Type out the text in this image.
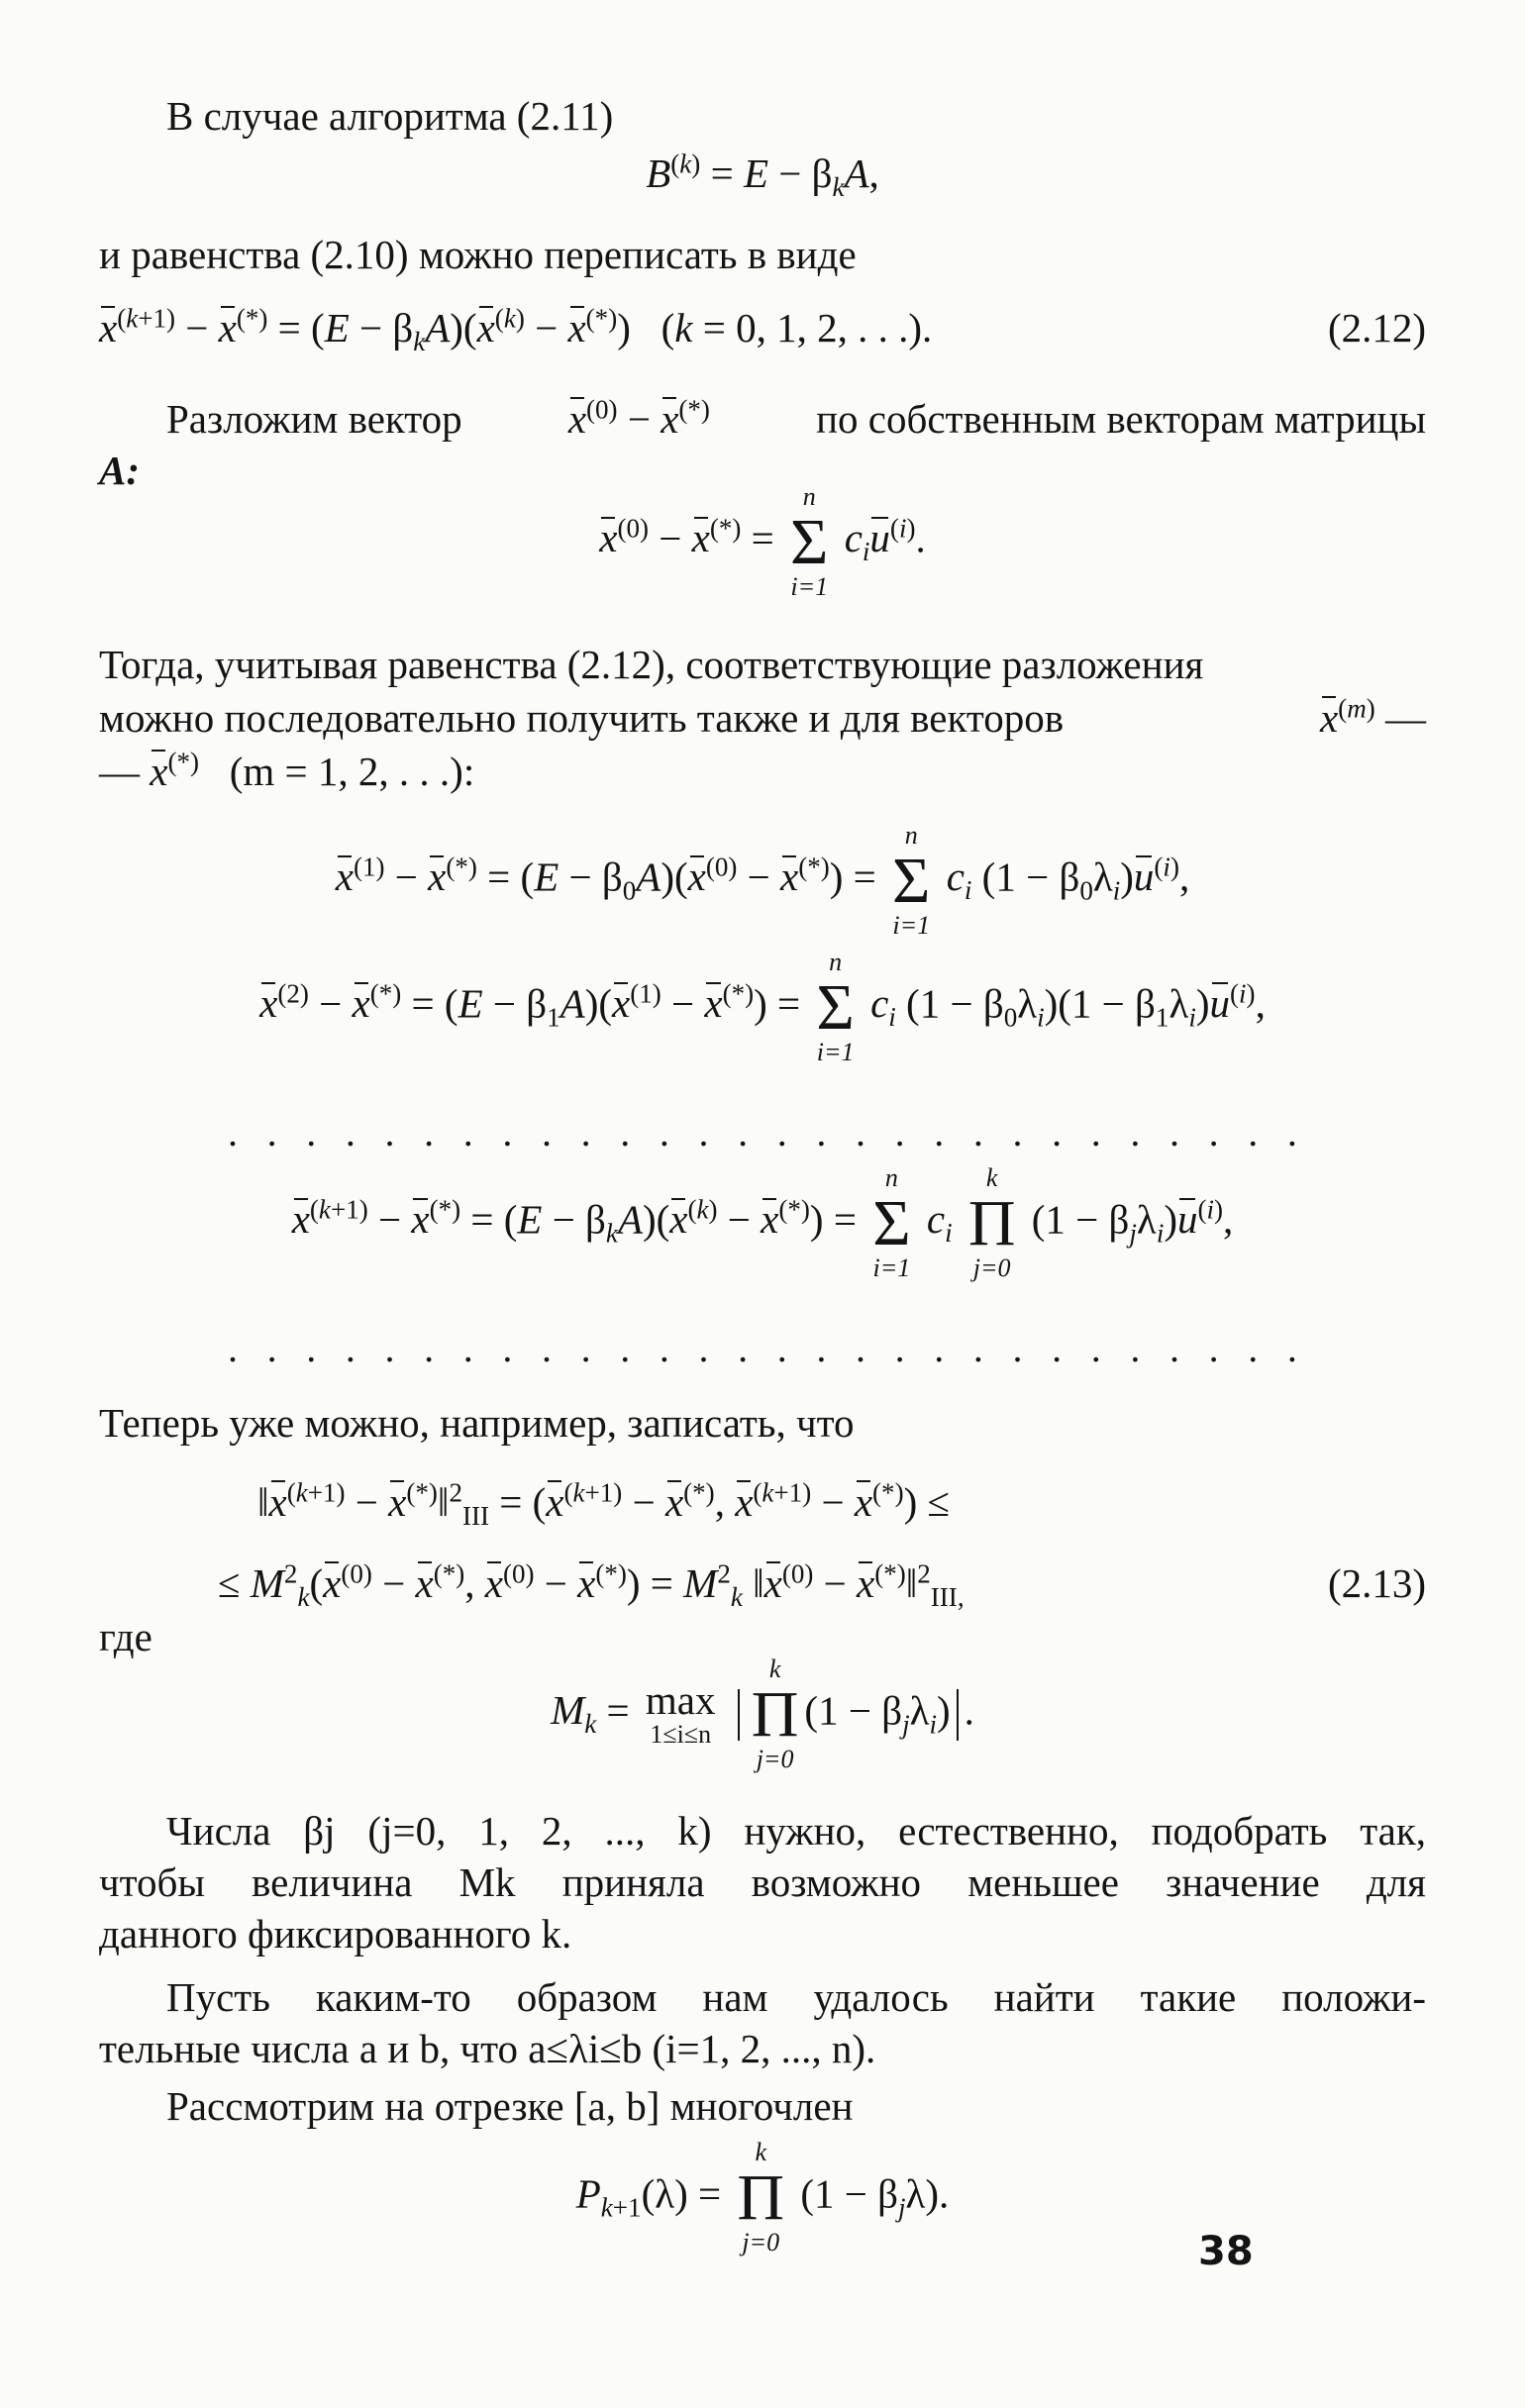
В случае алгоритма (2.11)
$B^{(k)} = E - \beta_kA$,
и равенства (2.10) можно переписать в виде
$x^{(k+1)} - x^{(*)} = (E - \beta_kA)(x^{(k)} - x^{(*)}) (k = 0$, 1, 2, . . .).	(2.12)
Разложим вектор	$x^{(0)} - x^{(*)}$	по собственным векторам матрицы
A:
$x^{(0)} - x^{(*)}$ =
n
Σ
i=1
$c_iu^{(i)}$.
Тогда, учитывая равенства (2.12), соответствующие разложения
можно последовательно получить также и для векторов	$x^{(m)}$ —
— x(*) (m = 1, 2, . . .):
$x^{(1)} - x^{(*)} = (E - \beta_0A)(x^{(0)} - x^{(*)})$ =
n
Σ
i=1
$c_i$ $(1 - \beta_0\lambda_i)u^{(i)}$,
$x^{(2)} - x^{(*)} = (E - \beta_1A)(x^{(1)} - x^{(*)})$ =
n
Σ
i=1
$c_i$ $(1 - \beta_0\lambda_i)(1 - \beta_1\lambda_i)u^{(i)}$,
. . . . . . . . . . . . . . . . . . . . . . . . . . . .
$x^{(k+1)} - x^{(*)} = (E - \beta_kA)(x^{(k)} - x^{(*)})$ =
n
Σ
i=1
$c_i$
k
Π
j=0
$(1 - \beta_j\lambda_i)u^{(i)}$,
. . . . . . . . . . . . . . . . . . . . . . . . . . . .
Теперь уже можно, например, записать, что
$‖x^{(k+1)}$ − x(*)‖$^2_{III}$ = ($x^{(k+1)} - x^{(*)}$, $x^{(k+1)} - x^{(*)}$) ≤
≤ $M^2_k(x^{(0)} - x^{(*)}$, $x^{(0)} - x^{(*)}) = M^2_k$ $‖x^{(0)}$ − x(*)‖$^2_{III,}$	(2.13)
где
$M_k = \max$
1≤i≤n

k
Π
j=0
$(1 - \beta_j\lambda_i)$ .
Числа βj (j=0, 1, 2, ..., k) нужно, естественно, подобрать так,
чтобы величина Mk приняла возможно меньшее значение для
данного фиксированного k.
Пусть каким-то образом нам удалось найти такие положи-
тельные числа a и b, что a≤λi≤b (i=1, 2, ..., n).
Рассмотрим на отрезке [a, b] многочлен
$P_{k+1}(\lambda)$ =
k
Π
j=0
$(1 - \beta_j\lambda)$.
38
